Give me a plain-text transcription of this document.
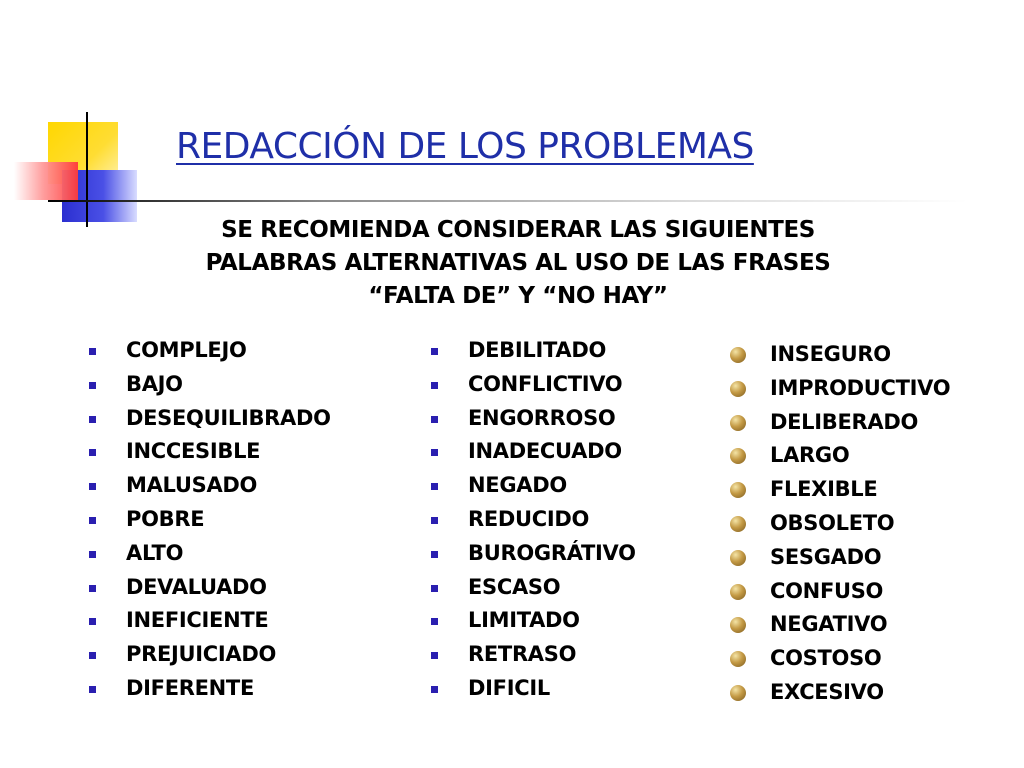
REDACCIÓN DE LOS PROBLEMAS
SE RECOMIENDA CONSIDERAR LAS SIGUIENTES
PALABRAS ALTERNATIVAS AL USO DE LAS FRASES
“FALTA DE” Y “NO HAY”
COMPLEJO
BAJO
DESEQUILIBRADO
INCCESIBLE
MALUSADO
POBRE
ALTO
DEVALUADO
INEFICIENTE
PREJUICIADO
DIFERENTE
DEBILITADO
CONFLICTIVO
ENGORROSO
INADECUADO
NEGADO
REDUCIDO
BUROGRÁTIVO
ESCASO
LIMITADO
RETRASO
DIFICIL
INSEGURO
IMPRODUCTIVO
DELIBERADO
LARGO
FLEXIBLE
OBSOLETO
SESGADO
CONFUSO
NEGATIVO
COSTOSO
EXCESIVO
